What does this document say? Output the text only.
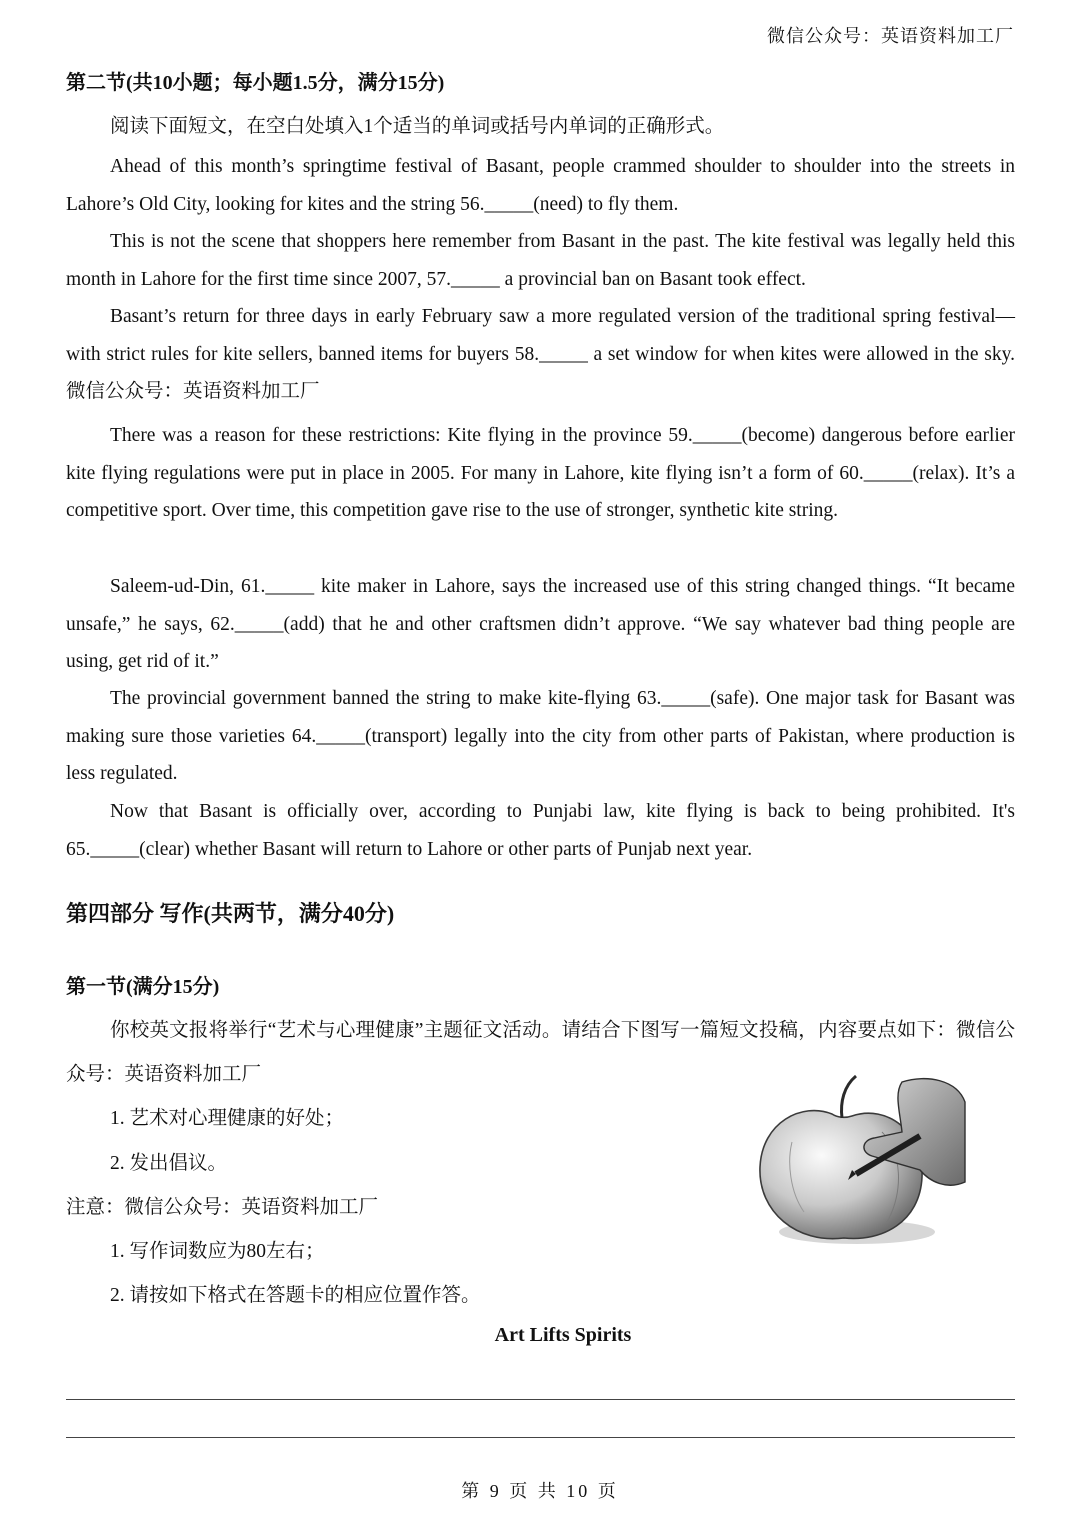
微信公众号：英语资料加工厂
第二节(共10小题；每小题1.5分，满分15分)
阅读下面短文，在空白处填入1个适当的单词或括号内单词的正确形式。
Ahead of this month’s springtime festival of Basant, people crammed shoulder to shoulder into the streets in Lahore’s Old City, looking for kites and the string 56._____(need) to fly them.
This is not the scene that shoppers here remember from Basant in the past. The kite festival was legally held this month in Lahore for the first time since 2007, 57._____ a provincial ban on Basant took effect.
Basant’s return for three days in early February saw a more regulated version of the traditional spring festival—with strict rules for kite sellers, banned items for buyers 58._____ a set window for when kites were allowed in the sky. 微信公众号：英语资料加工厂
There was a reason for these restrictions: Kite flying in the province 59._____(become) dangerous before earlier kite flying regulations were put in place in 2005. For many in Lahore, kite flying isn’t a form of 60._____(relax). It’s a competitive sport. Over time, this competition gave rise to the use of stronger, synthetic kite string.
Saleem-ud-Din, 61._____ kite maker in Lahore, says the increased use of this string changed things. “It became unsafe,” he says, 62._____(add) that he and other craftsmen didn’t approve. “We say whatever bad thing people are using, get rid of it.”
The provincial government banned the string to make kite-flying 63._____(safe). One major task for Basant was making sure those varieties 64._____(transport) legally into the city from other parts of Pakistan, where production is less regulated.
Now that Basant is officially over, according to Punjabi law, kite flying is back to being prohibited. It's 65._____(clear) whether Basant will return to Lahore or other parts of Punjab next year.
第四部分 写作(共两节，满分40分)
第一节(满分15分)
你校英文报将举行“艺术与心理健康”主题征文活动。请结合下图写一篇短文投稿，内容要点如下：微信公众号：英语资料加工厂
1. 艺术对心理健康的好处；
2. 发出倡议。
注意：微信公众号：英语资料加工厂
1. 写作词数应为80左右；
2. 请按如下格式在答题卡的相应位置作答。
Art Lifts Spirits
第 9 页 共 10 页
